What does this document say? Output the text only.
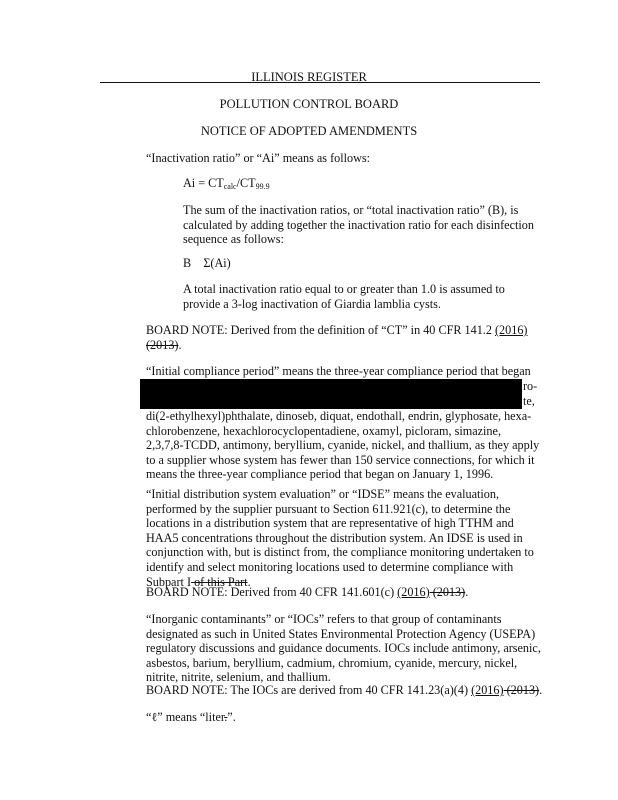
ILLINOIS REGISTER
POLLUTION CONTROL BOARD
NOTICE OF ADOPTED AMENDMENTS
“Inactivation ratio” or “Ai” means as follows:
$Ai = CT_{calc}/CT_{99.9}$
The sum of the inactivation ratios, or “total inactivation ratio” (B), is calculated by adding together the inactivation ratio for each disinfection sequence as follows:
B    Σ(Ai)
A total inactivation ratio equal to or greater than 1.0 is assumed to provide a 3-log inactivation of Giardia lamblia cysts.
BOARD NOTE: Derived from the definition of “CT” in 40 CFR 141.2 (2016)
(2013).
“Initial compliance period” means the three-year compliance period that began
ro-
te,
di(2-ethylhexyl)phthalate, dinoseb, diquat, endothall, endrin, glyphosate, hexa-chlorobenzene, hexachlorocyclopentadiene, oxamyl, picloram, simazine, 2,3,7,8-TCDD, antimony, beryllium, cyanide, nickel, and thallium, as they apply to a supplier whose system has fewer than 150 service connections, for which it means the three-year compliance period that began on January 1, 1996.
“Initial distribution system evaluation” or “IDSE” means the evaluation, performed by the supplier pursuant to Section 611.921(c), to determine the locations in a distribution system that are representative of high TTHM and HAA5 concentrations throughout the distribution system. An IDSE is used in conjunction with, but is distinct from, the compliance monitoring undertaken to identify and select monitoring locations used to determine compliance with Subpart I of this Part.
BOARD NOTE: Derived from 40 CFR 141.601(c) (2016) (2013).
“Inorganic contaminants” or “IOCs” refers to that group of contaminants designated as such in United States Environmental Protection Agency (USEPA) regulatory discussions and guidance documents. IOCs include antimony, arsenic, asbestos, barium, beryllium, cadmium, chromium, cyanide, mercury, nickel, nitrite, nitrite, selenium, and thallium.
BOARD NOTE: The IOCs are derived from 40 CFR 141.23(a)(4) (2016) (2013).
“ℓ” means “liter.”.
